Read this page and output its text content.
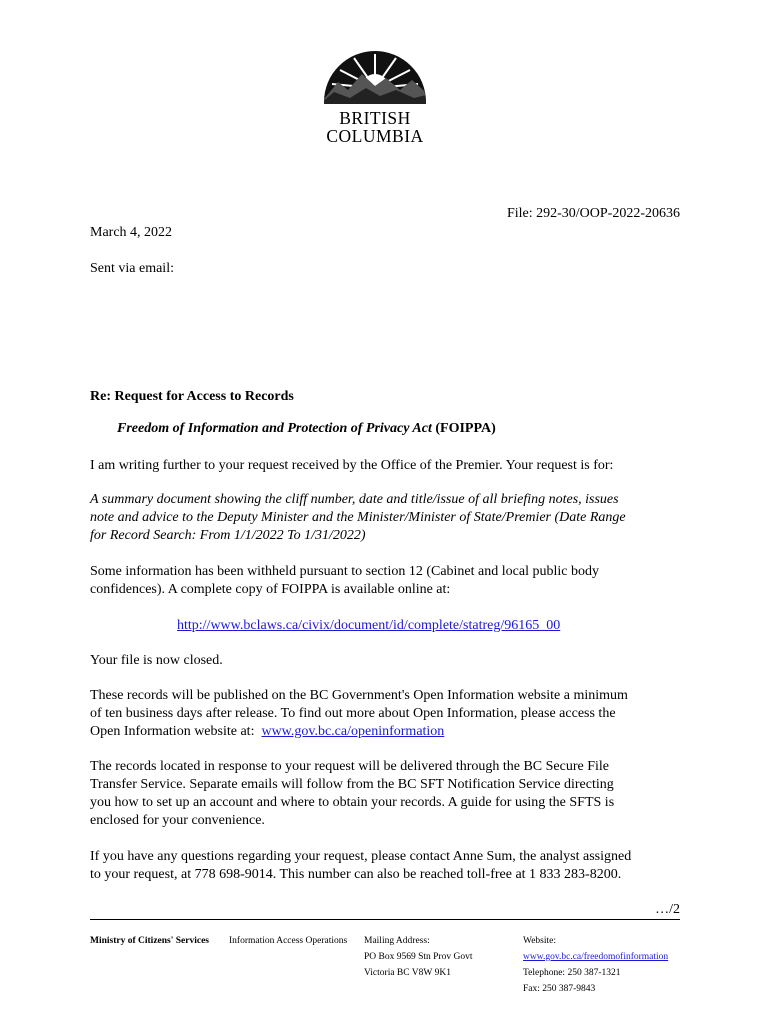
BRITISH
COLUMBIA
File: 292-30/OOP-2022-20636
March 4, 2022
Sent via email:
Re: Request for Access to Records
Freedom of Information and Protection of Privacy Act (FOIPPA)
I am writing further to your request received by the Office of the Premier. Your request is for:
A summary document showing the cliff number, date and title/issue of all briefing notes, issues
note and advice to the Deputy Minister and the Minister/Minister of State/Premier (Date Range
for Record Search: From 1/1/2022 To 1/31/2022)
Some information has been withheld pursuant to section 12 (Cabinet and local public body
confidences). A complete copy of FOIPPA is available online at:
http://www.bclaws.ca/civix/document/id/complete/statreg/96165_00
Your file is now closed.
These records will be published on the BC Government's Open Information website a minimum
of ten business days after release. To find out more about Open Information, please access the
Open Information website at:  www.gov.bc.ca/openinformation
The records located in response to your request will be delivered through the BC Secure File
Transfer Service. Separate emails will follow from the BC SFT Notification Service directing
you how to set up an account and where to obtain your records. A guide for using the SFTS is
enclosed for your convenience.
If you have any questions regarding your request, please contact Anne Sum, the analyst assigned
to your request, at 778 698-9014. This number can also be reached toll-free at 1 833 283-8200.
…/2
Ministry of Citizens' Services Information Access Operations Mailing Address:
PO Box 9569 Stn Prov Govt
Victoria BC V8W 9K1
Website:
www.gov.bc.ca/freedomofinformation
Telephone: 250 387-1321
Fax: 250 387-9843
